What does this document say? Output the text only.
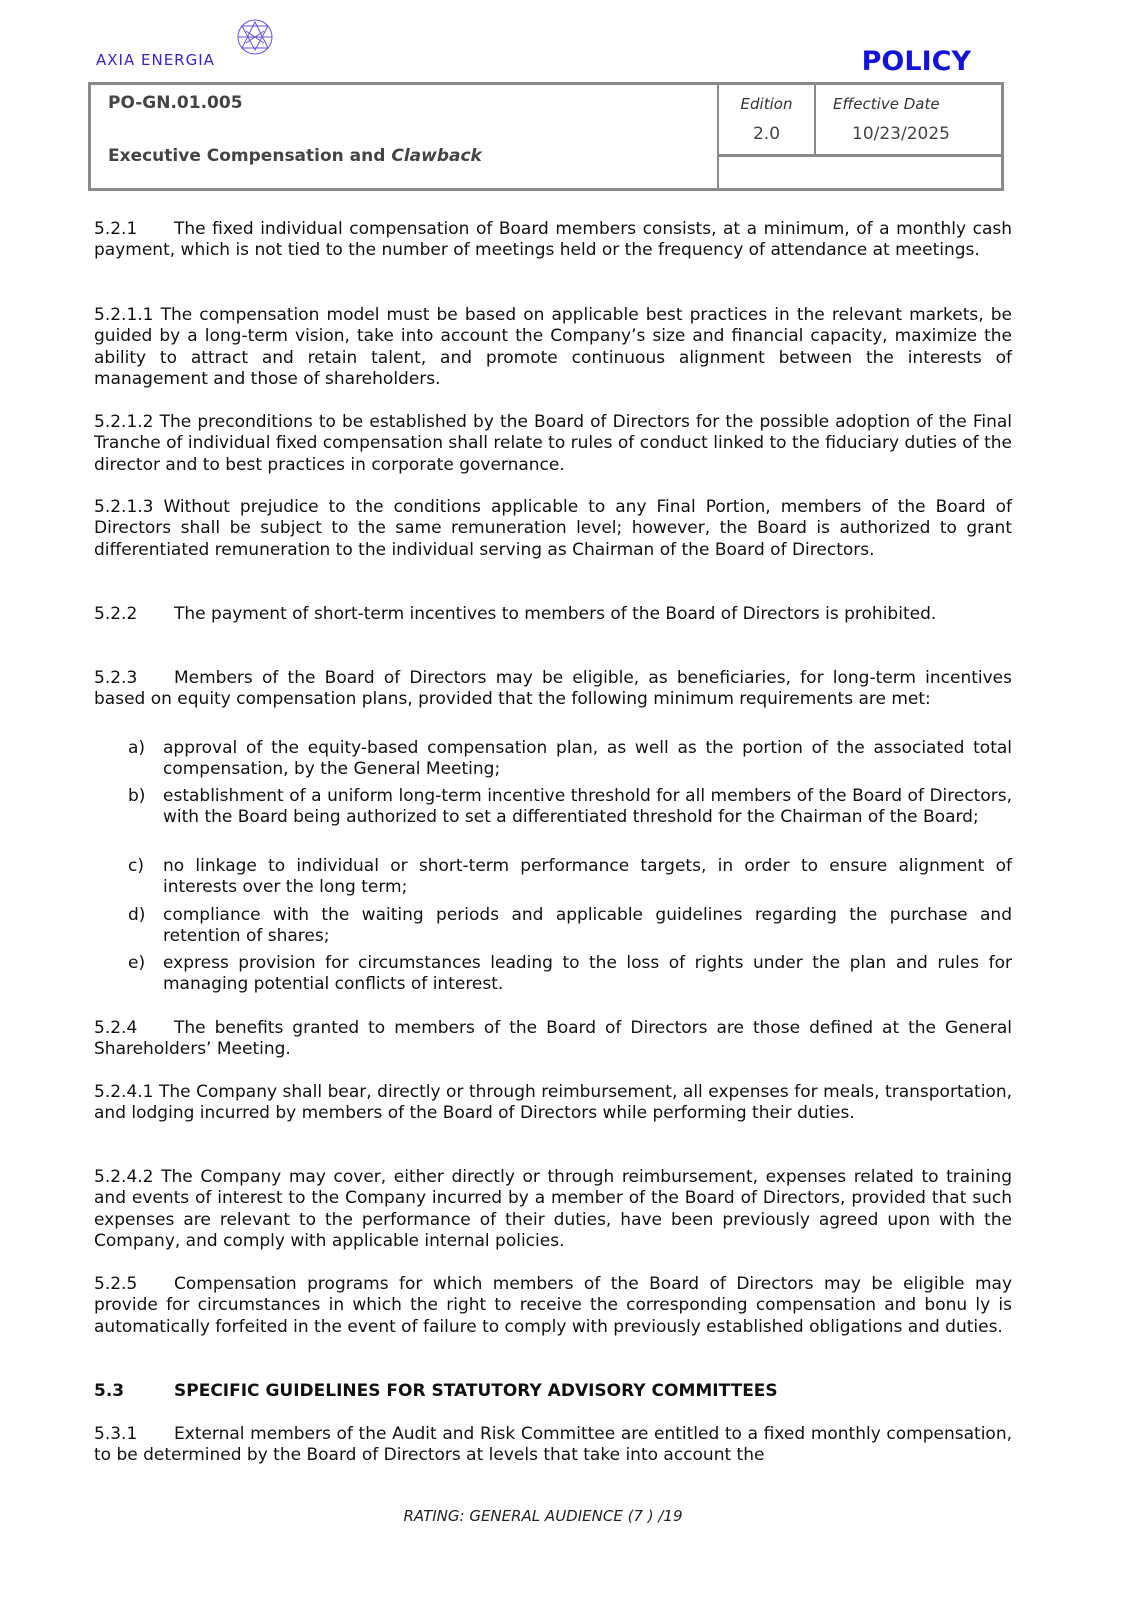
AXIA ENERGIA	POLICY
PO-GN.01.005
Executive Compensation and Clawback
Edition
2.0
Effective Date
10/23/2025
5.2.1 The fixed individual compensation of Board members consists, at a minimum, of a monthly cash payment, which is not tied to the number of meetings held or the frequency of attendance at meetings.
5.2.1.1 The compensation model must be based on applicable best practices in the relevant markets, be guided by a long-term vision, take into account the Company’s size and financial capacity, maximize the ability to attract and retain talent, and promote continuous alignment between the interests of management and those of shareholders.
5.2.1.2 The preconditions to be established by the Board of Directors for the possible adoption of the Final Tranche of individual fixed compensation shall relate to rules of conduct linked to the fiduciary duties of the director and to best practices in corporate governance.
5.2.1.3 Without prejudice to the conditions applicable to any Final Portion, members of the Board of Directors shall be subject to the same remuneration level; however, the Board is authorized to grant differentiated remuneration to the individual serving as Chairman of the Board of Directors.
5.2.2 The payment of short-term incentives to members of the Board of Directors is prohibited.
5.2.3 Members of the Board of Directors may be eligible, as beneficiaries, for long-term incentives based on equity compensation plans, provided that the following minimum requirements are met:
a) approval of the equity-based compensation plan, as well as the portion of the associated total compensation, by the General Meeting;
b) establishment of a uniform long-term incentive threshold for all members of the Board of Directors, with the Board being authorized to set a differentiated threshold for the Chairman of the Board;
c) no linkage to individual or short-term performance targets, in order to ensure alignment of interests over the long term;
d) compliance with the waiting periods and applicable guidelines regarding the purchase and retention of shares;
e) express provision for circumstances leading to the loss of rights under the plan and rules for managing potential conflicts of interest.
5.2.4 The benefits granted to members of the Board of Directors are those defined at the General Shareholders’ Meeting.
5.2.4.1 The Company shall bear, directly or through reimbursement, all expenses for meals, transportation, and lodging incurred by members of the Board of Directors while performing their duties.
5.2.4.2 The Company may cover, either directly or through reimbursement, expenses related to training and events of interest to the Company incurred by a member of the Board of Directors, provided that such expenses are relevant to the performance of their duties, have been previously agreed upon with the Company, and comply with applicable internal policies.
5.2.5 Compensation programs for which members of the Board of Directors may be eligible may provide for circumstances in which the right to receive the corresponding compensation and bonu ly is automatically forfeited in the event of failure to comply with previously established obligations and duties.
5.3	SPECIFIC GUIDELINES FOR STATUTORY ADVISORY COMMITTEES
5.3.1 External members of the Audit and Risk Committee are entitled to a fixed monthly compensation, to be determined by the Board of Directors at levels that take into account the
RATING: GENERAL AUDIENCE (7 ) /19
